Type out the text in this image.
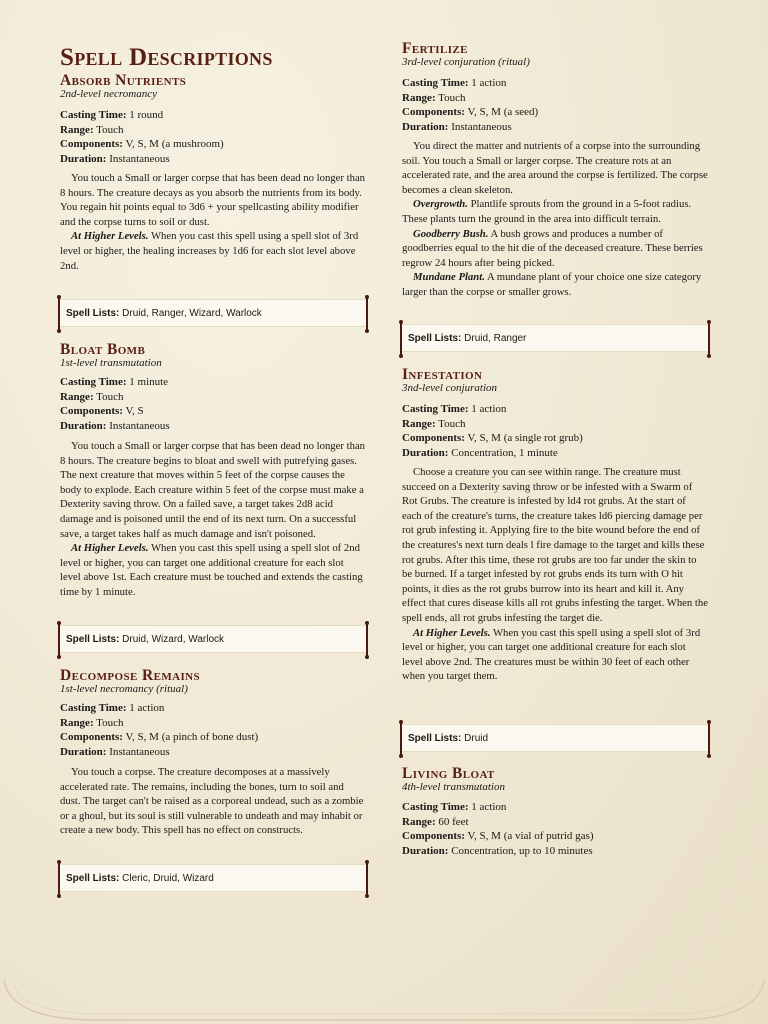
Spell Descriptions
Absorb Nutrients
2nd-level necromancy
Casting Time: 1 round
Range: Touch
Components: V, S, M (a mushroom)
Duration: Instantaneous

You touch a Small or larger corpse that has been dead no longer than 8 hours. The creature decays as you absorb the nutrients from its body. You regain hit points equal to 3d6 + your spellcasting ability modifier and the corpse turns to soil or dust.

At Higher Levels. When you cast this spell using a spell slot of 3rd level or higher, the healing increases by 1d6 for each slot level above 2nd.

Spell Lists: Druid, Ranger, Wizard, Warlock
Bloat Bomb
1st-level transmutation
Casting Time: 1 minute
Range: Touch
Components: V, S
Duration: Instantaneous

You touch a Small or larger corpse that has been dead no longer than 8 hours. The creature begins to bloat and swell with putrefying gases. The next creature that moves within 5 feet of the corpse causes the body to explode. Each creature within 5 feet of the corpse must make a Dexterity saving throw. On a failed save, a target takes 2d8 acid damage and is poisoned until the end of its next turn. On a successful save, a target takes half as much damage and isn't poisoned.

At Higher Levels. When you cast this spell using a spell slot of 2nd level or higher, you can target one additional creature for each slot level above 1st. Each creature must be touched and extends the casting time by 1 minute.

Spell Lists: Druid, Wizard, Warlock
Decompose Remains
1st-level necromancy (ritual)
Casting Time: 1 action
Range: Touch
Components: V, S, M (a pinch of bone dust)
Duration: Instantaneous

You touch a corpse. The creature decomposes at a massively accelerated rate. The remains, including the bones, turn to soil and dust. The target can't be raised as a corporeal undead, such as a zombie or a ghoul, but its soul is still vulnerable to undeath and may inhabit or create a new body. This spell has no effect on constructs.

Spell Lists: Cleric, Druid, Wizard
Fertilize
3rd-level conjuration (ritual)
Casting Time: 1 action
Range: Touch
Components: V, S, M (a seed)
Duration: Instantaneous

You direct the matter and nutrients of a corpse into the surrounding soil. You touch a Small or larger corpse. The creature rots at an accelerated rate, and the area around the corpse is fertilized. The corpse becomes a clean skeleton.

Overgrowth. Plantlife sprouts from the ground in a 5-foot radius. These plants turn the ground in the area into difficult terrain.

Goodberry Bush. A bush grows and produces a number of goodberries equal to the hit die of the deceased creature. These berries regrow 24 hours after being picked.

Mundane Plant. A mundane plant of your choice one size category larger than the corpse or smaller grows.

Spell Lists: Druid, Ranger
Infestation
3nd-level conjuration
Casting Time: 1 action
Range: Touch
Components: V, S, M (a single rot grub)
Duration: Concentration, 1 minute

Choose a creature you can see within range. The creature must succeed on a Dexterity saving throw or be infested with a Swarm of Rot Grubs. The creature is infested by ld4 rot grubs. At the start of each of the creature's turns, the creature takes ld6 piercing damage per rot grub infesting it. Applying fire to the bite wound before the end of the creatures's next turn deals l fire damage to the target and kills these rot grubs. After this time, these rot grubs are too far under the skin to be burned. If a target infested by rot grubs ends its turn with O hit points, it dies as the rot grubs burrow into its heart and kill it. Any effect that cures disease kills all rot grubs infesting the target. When the spell ends, all rot grubs infesting the target die.

At Higher Levels. When you cast this spell using a spell slot of 3rd level or higher, you can target one additional creature for each slot level above 2nd. The creatures must be within 30 feet of each other when you target them.

Spell Lists: Druid
Living Bloat
4th-level transmutation
Casting Time: 1 action
Range: 60 feet
Components: V, S, M (a vial of putrid gas)
Duration: Concentration, up to 10 minutes
